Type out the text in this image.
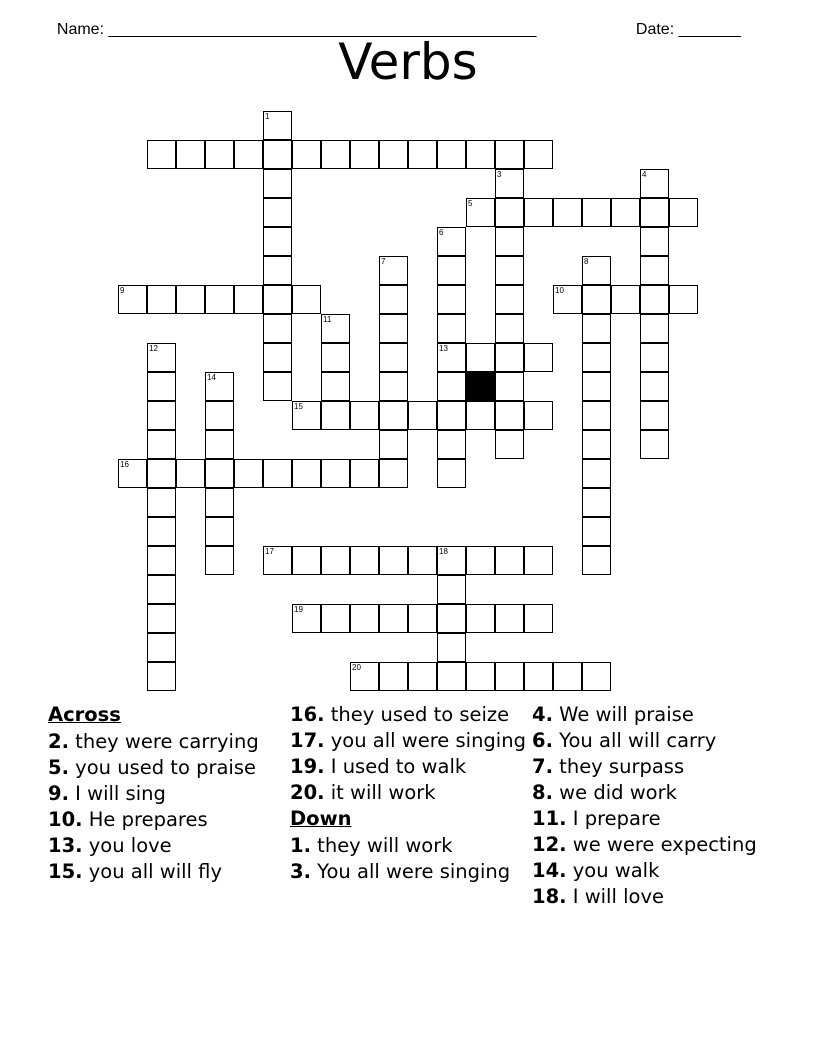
Name: __________________________________________________	Date: _______

Verbs
1
3	4
5
6
7	8
9	10
11
12	13
14
15
16
17	18
19
20
Across
2. they were carrying
5. you used to praise
9. I will sing
10. He prepares
13. you love
15. you all will fly
16. they used to seize
17. you all were singing
19. I used to walk
20. it will work
Down
1. they will work
3. You all were singing
4. We will praise
6. You all will carry
7. they surpass
8. we did work
11. I prepare
12. we were expecting
14. you walk
18. I will love
